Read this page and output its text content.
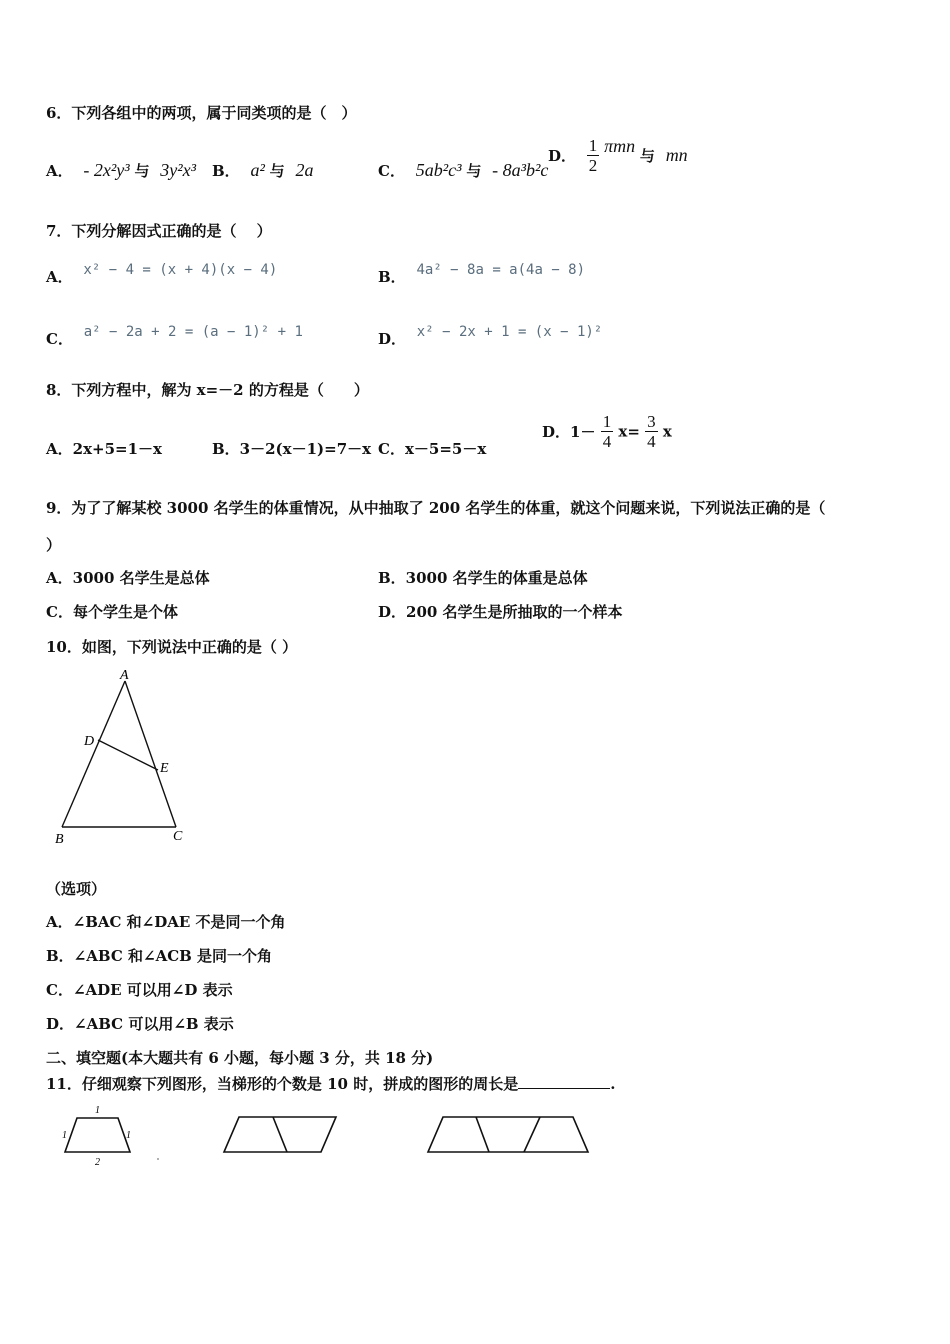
6．下列各组中的两项，属于同类项的是（　）
A． - 2x²y³ 与 3y²x³ B． a² 与 2a	C． 5ab²c³ 与 - 8a³b²c
D． $\frac{1}{2}$ πmn 与 mn
7．下列分解因式正确的是（　 ）
A． x² − 4 = (x + 4)(x − 4)	B． 4a² − 8a = a(4a − 8)
C． a² − 2a + 2 = (a − 1)² + 1	D． x² − 2x + 1 = (x − 1)²
8．下列方程中，解为 x=－2 的方程是（　　）
A．2x+5=1－x	B．3－2(x－1)=7－x C．x－5=5－x
D．$1- \frac{1}{4} x= \frac{3}{4}$ x
9．为了了解某校 3000 名学生的体重情况，从中抽取了 200 名学生的体重，就这个问题来说，下列说法正确的是（
）
A．3000 名学生是总体	B．3000 名学生的体重是总体
C．每个学生是个体	D．200 名学生是所抽取的一个样本
10．如图，下列说法中正确的是（ ）
A
D
E
B	C
（选项）
A．∠BAC 和∠DAE 不是同一个角
B．∠ABC 和∠ACB 是同一个角
C．∠ADE 可以用∠D 表示
D．∠ABC 可以用∠B 表示
二、填空题(本大题共有 6 小题，每小题 3 分，共 18 分)
11．仔细观察下列图形，当梯形的个数是 10 时，拼成的图形的周长是	.
1
1	1
2
